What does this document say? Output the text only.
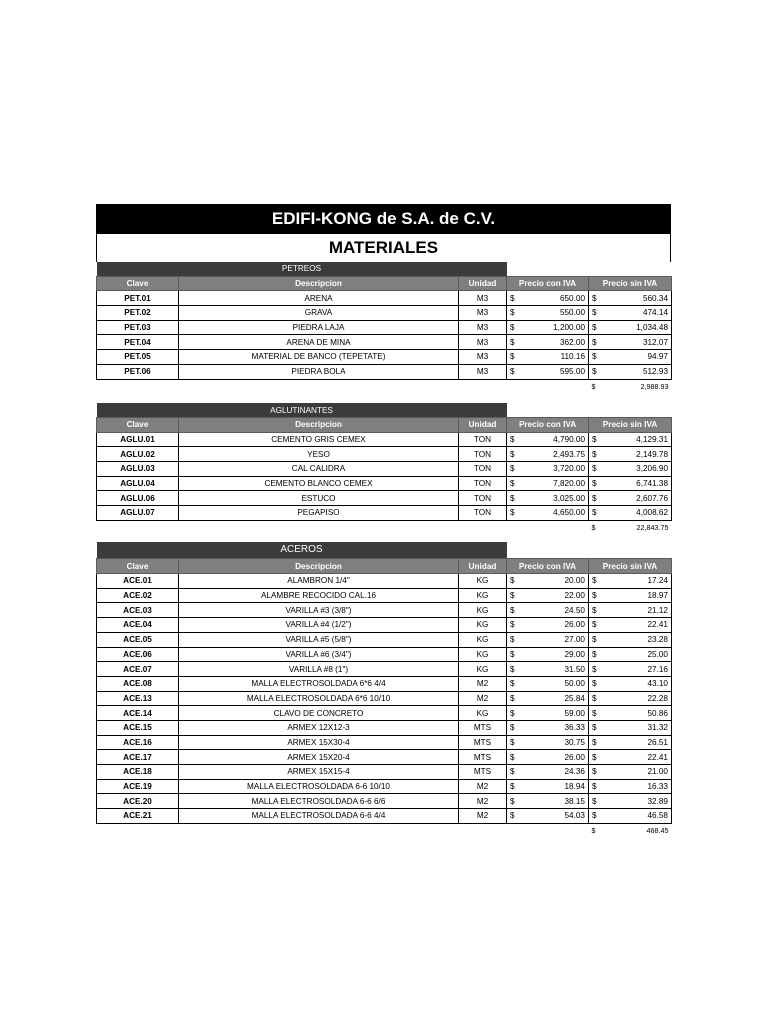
EDIFI-KONG de S.A. de C.V.
MATERIALES
PETREOS						
Clave	Descripcion	Unidad	Precio con IVA		Precio sin IVA	
PET.01	ARENA	M3	$	650.00	$	560.34
PET.02	GRAVA	M3	$	550.00	$	474.14
PET.03	PIEDRA LAJA	M3	$	1,200.00	$	1,034.48
PET.04	ARENA DE MINA	M3	$	362.00	$	312.07
PET.05	MATERIAL DE BANCO (TEPETATE)	M3	$	110.16	$	94.97
PET.06	PIEDRA BOLA	M3	$	595.00	$	512.93
					$	2,988.93
AGLUTINANTES						
Clave	Descripcion	Unidad	Precio con IVA		Precio sin IVA	
AGLU.01	CEMENTO GRIS CEMEX	TON	$	4,790.00	$	4,129.31
AGLU.02	YESO	TON	$	2,493.75	$	2,149.78
AGLU.03	CAL CALIDRA	TON	$	3,720.00	$	3,206.90
AGLU.04	CEMENTO BLANCO CEMEX	TON	$	7,820.00	$	6,741.38
AGLU.06	ESTUCO	TON	$	3,025.00	$	2,607.76
AGLU.07	PEGAPISO	TON	$	4,650.00	$	4,008.62
					$	22,843.75
ACEROS						
Clave	Descripcion	Unidad	Precio con IVA		Precio sin IVA	
ACE.01	ALAMBRON 1/4"	KG	$	20.00	$	17.24
ACE.02	ALAMBRE RECOCIDO CAL.16	KG	$	22.00	$	18.97
ACE.03	VARILLA #3 (3/8")	KG	$	24.50	$	21.12
ACE.04	VARILLA #4 (1/2")	KG	$	26.00	$	22.41
ACE.05	VARILLA #5 (5/8")	KG	$	27.00	$	23.28
ACE.06	VARILLA #6 (3/4")	KG	$	29.00	$	25.00
ACE.07	VARILLA #8 (1")	KG	$	31.50	$	27.16
ACE.08	MALLA ELECTROSOLDADA 6*6 4/4	M2	$	50.00	$	43.10
ACE.13	MALLA ELECTROSOLDADA 6*6 10/10	M2	$	25.84	$	22.28
ACE.14	CLAVO DE CONCRETO	KG	$	59.00	$	50.86
ACE.15	ARMEX 12X12-3	MTS	$	36.33	$	31.32
ACE.16	ARMEX 15X30-4	MTS	$	30.75	$	26.51
ACE.17	ARMEX 15X20-4	MTS	$	26.00	$	22.41
ACE.18	ARMEX 15X15-4	MTS	$	24.36	$	21.00
ACE.19	MALLA ELECTROSOLDADA 6-6 10/10	M2	$	18.94	$	16.33
ACE.20	MALLA ELECTROSOLDADA 6-6 6/6	M2	$	38.15	$	32.89
ACE.21	MALLA ELECTROSOLDADA 6-6 4/4	M2	$	54.03	$	46.58
					$	468.45
